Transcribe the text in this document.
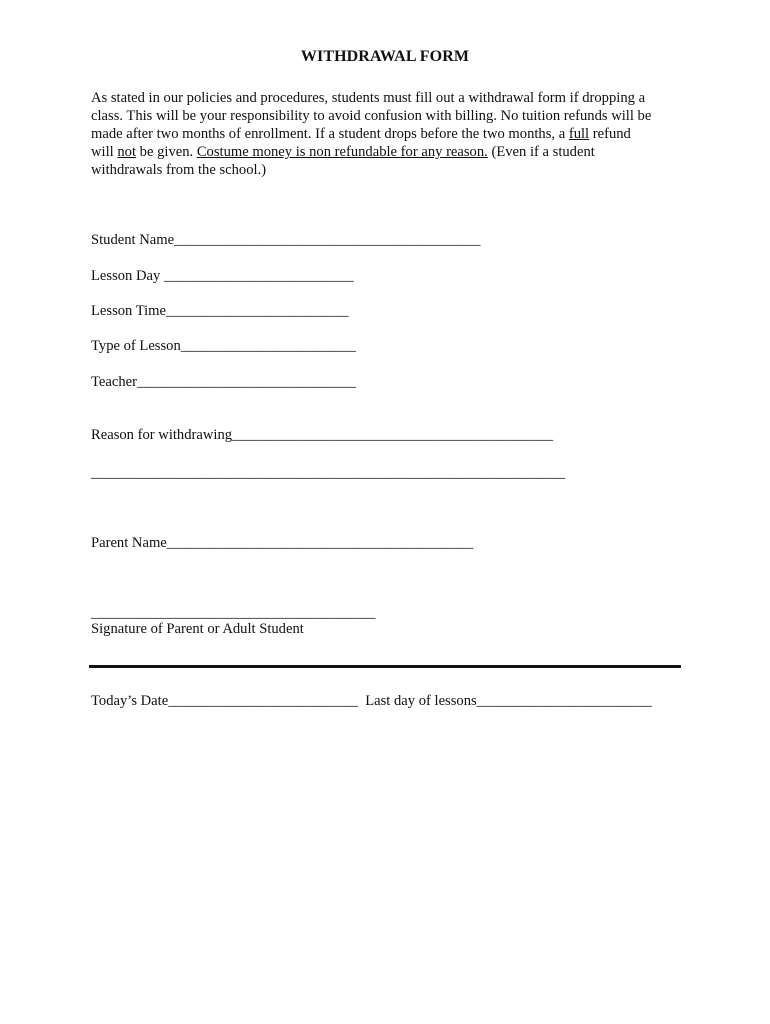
WITHDRAWAL FORM
As stated in our policies and procedures, students must fill out a withdrawal form if dropping a
class. This will be your responsibility to avoid confusion with billing. No tuition refunds will be
made after two months of enrollment. If a student drops before the two months, a full refund
will not be given. Costume money is non refundable for any reason. (Even if a student
withdrawals from the school.)
Student Name__________________________________________
Lesson Day __________________________
Lesson Time_________________________
Type of Lesson________________________
Teacher______________________________
Reason for withdrawing____________________________________________
_________________________________________________________________
Parent Name__________________________________________
_______________________________________
Signature of Parent or Adult Student
Today’s Date__________________________ Last day of lessons________________________
